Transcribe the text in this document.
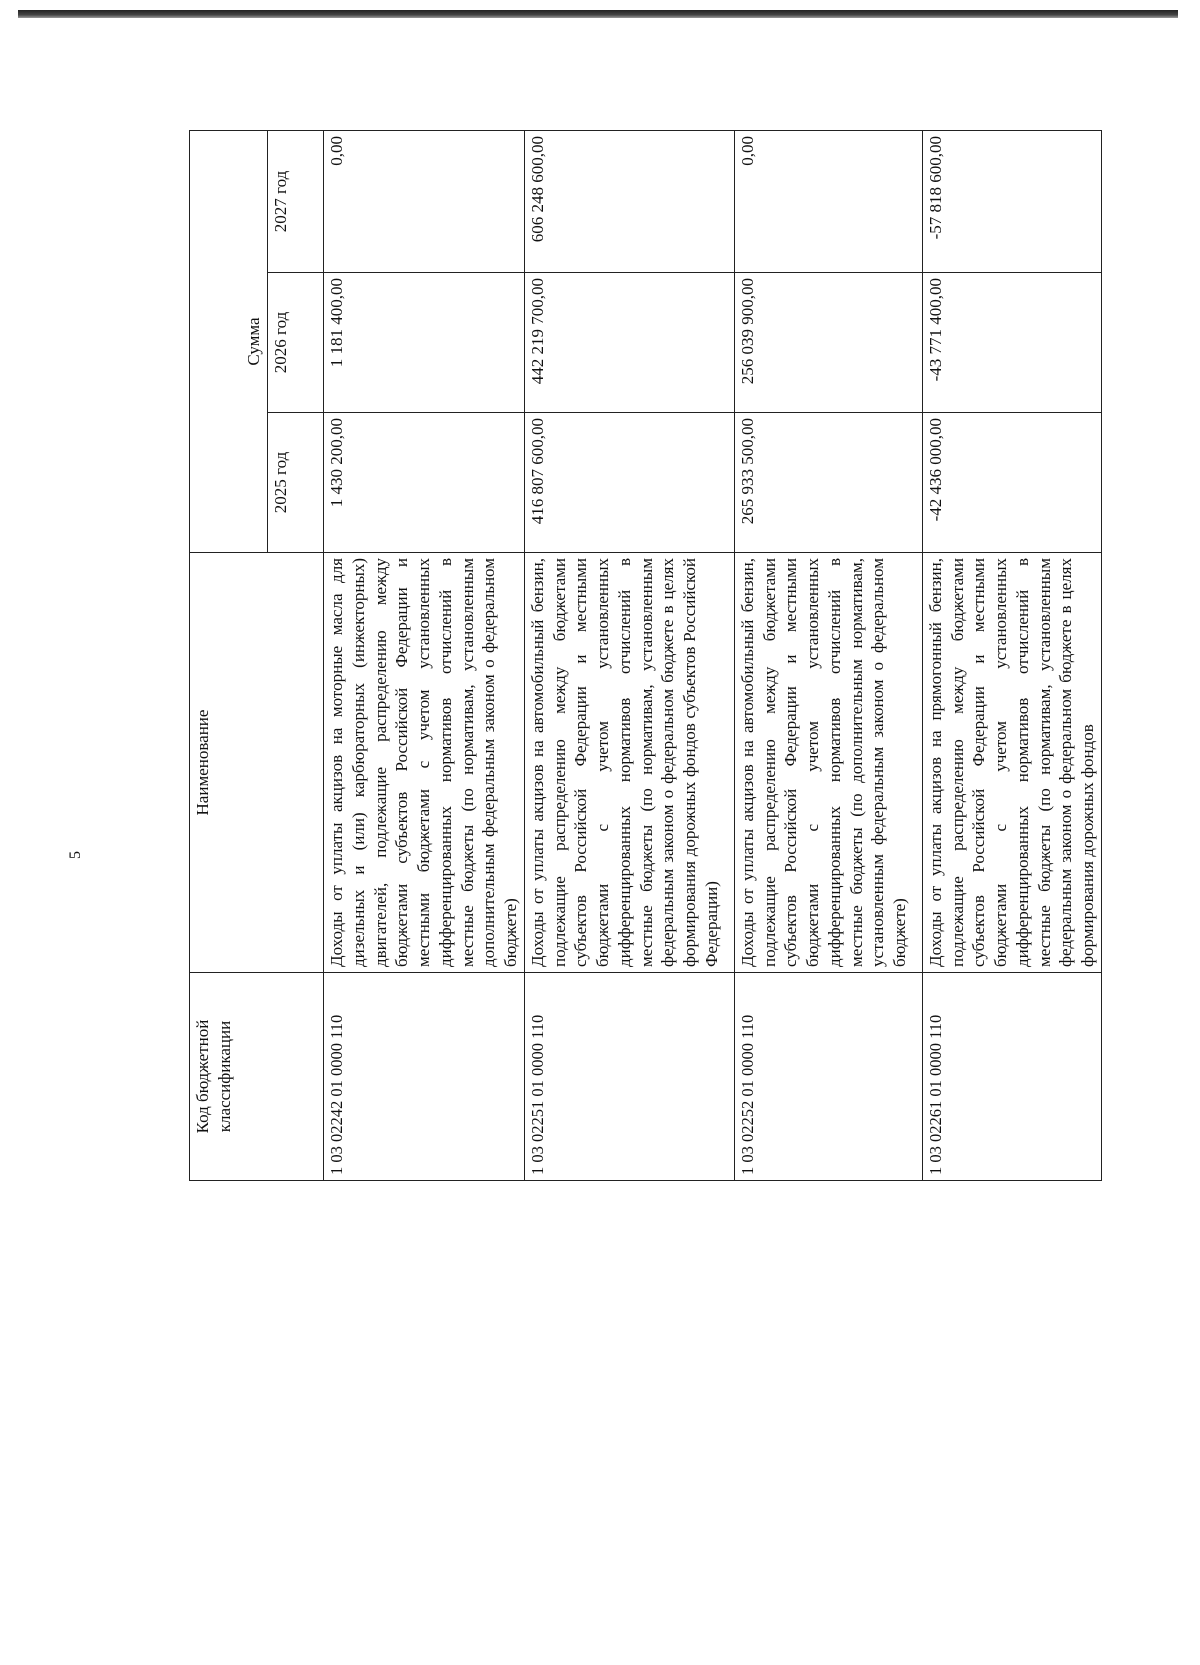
5
Код бюджетной классификации	Наименование	Сумма		
		2025 год	2026 год	2027 год
1 03 02242 01 0000 110	Доходы от уплаты акцизов на моторные масла для дизельных и (или) карбюраторных (инжекторных) двигателей, подлежащие распределению между бюджетами субъектов Российской Федерации и местными бюджетами с учетом установленных дифференцированных нормативов отчислений в местные бюджеты (по нормативам, установленным дополнительным федеральным законом о федеральном бюджете)	1 430 200,00	1 181 400,00	0,00
1 03 02251 01 0000 110	Доходы от уплаты акцизов на автомобильный бензин, подлежащие распределению между бюджетами субъектов Российской Федерации и местными бюджетами с учетом установленных дифференцированных нормативов отчислений в местные бюджеты (по нормативам, установленным федеральным законом о федеральном бюджете в целях формирования дорожных фондов субъектов Российской Федерации)	416 807 600,00	442 219 700,00	606 248 600,00
1 03 02252 01 0000 110	Доходы от уплаты акцизов на автомобильный бензин, подлежащие распределению между бюджетами субъектов Российской Федерации и местными бюджетами с учетом установленных дифференцированных нормативов отчислений в местные бюджеты (по дополнительным нормативам, установленным федеральным законом о федеральном бюджете)	265 933 500,00	256 039 900,00	0,00
1 03 02261 01 0000 110	Доходы от уплаты акцизов на прямогонный бензин, подлежащие распределению между бюджетами субъектов Российской Федерации и местными бюджетами с учетом установленных дифференцированных нормативов отчислений в местные бюджеты (по нормативам, установленным федеральным законом о федеральном бюджете в целях формирования дорожных фондов	-42 436 000,00	-43 771 400,00	-57 818 600,00
